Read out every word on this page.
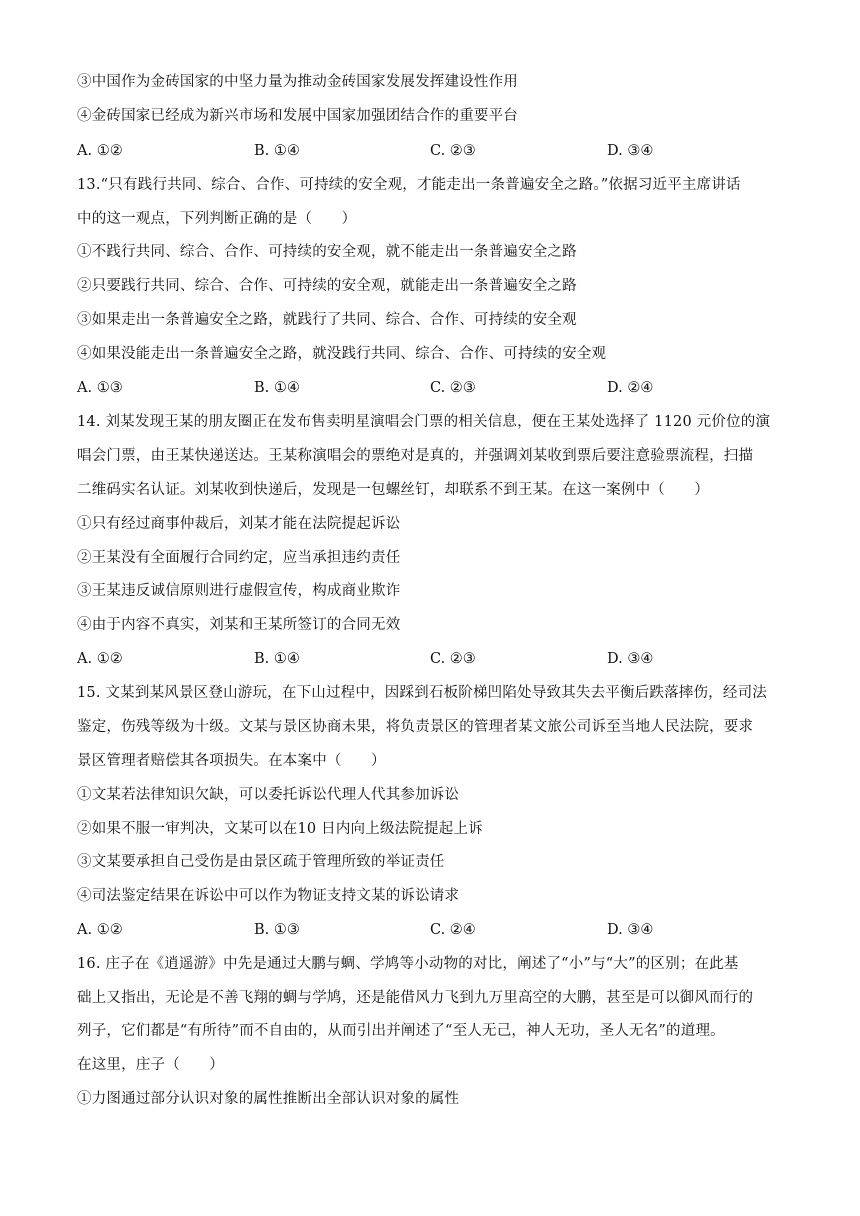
③中国作为金砖国家的中坚力量为推动金砖国家发展发挥建设性作用
④金砖国家已经成为新兴市场和发展中国家加强团结合作的重要平台
A. ①②	B. ①④	C. ②③	D. ③④
13.“只有践行共同、综合、合作、可持续的安全观，才能走出一条普遍安全之路。”依据习近平主席讲话
中的这一观点，下列判断正确的是（　　）
①不践行共同、综合、合作、可持续的安全观，就不能走出一条普遍安全之路
②只要践行共同、综合、合作、可持续的安全观，就能走出一条普遍安全之路
③如果走出一条普遍安全之路，就践行了共同、综合、合作、可持续的安全观
④如果没能走出一条普遍安全之路，就没践行共同、综合、合作、可持续的安全观
A. ①③	B. ①④	C. ②③	D. ②④
14. 刘某发现王某的朋友圈正在发布售卖明星演唱会门票的相关信息，便在王某处选择了 1120 元价位的演
唱会门票，由王某快递送达。王某称演唱会的票绝对是真的，并强调刘某收到票后要注意验票流程，扫描
二维码实名认证。刘某收到快递后，发现是一包螺丝钉，却联系不到王某。在这一案例中（　　）
①只有经过商事仲裁后，刘某才能在法院提起诉讼
②王某没有全面履行合同约定，应当承担违约责任
③王某违反诚信原则进行虚假宣传，构成商业欺诈
④由于内容不真实，刘某和王某所签订的合同无效
A. ①②	B. ①④	C. ②③	D. ③④
15. 文某到某风景区登山游玩，在下山过程中，因踩到石板阶梯凹陷处导致其失去平衡后跌落摔伤，经司法
鉴定，伤残等级为十级。文某与景区协商未果，将负责景区的管理者某文旅公司诉至当地人民法院，要求
景区管理者赔偿其各项损失。在本案中（　　）
①文某若法律知识欠缺，可以委托诉讼代理人代其参加诉讼
②如果不服一审判决，文某可以在10 日内向上级法院提起上诉
③文某要承担自己受伤是由景区疏于管理所致的举证责任
④司法鉴定结果在诉讼中可以作为物证支持文某的诉讼请求
A. ①②	B. ①③	C. ②④	D. ③④
16. 庄子在《逍遥游》中先是通过大鹏与蜩、学鸠等小动物的对比，阐述了“小”与“大”的区别；在此基
础上又指出，无论是不善飞翔的蜩与学鸠，还是能借风力飞到九万里高空的大鹏，甚至是可以御风而行的
列子，它们都是“有所待”而不自由的，从而引出并阐述了“至人无己，神人无功，圣人无名”的道理。
在这里，庄子（　　）
①力图通过部分认识对象的属性推断出全部认识对象的属性
